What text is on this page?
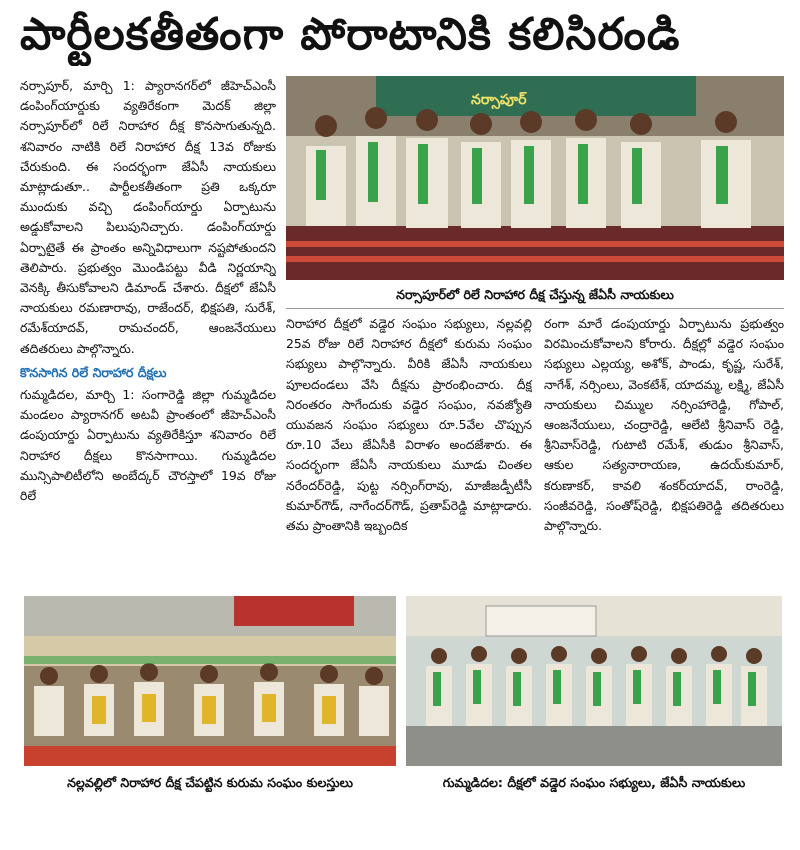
పార్టీలకతీతంగా పోరాటానికి కలిసిరండి

నర్సాపూర్, మార్చి 1: ప్యారానగర్‌లో జీహెచ్‌ఎంసీ డంపింగ్‌యార్డుకు వ్యతిరేకంగా మెదక్ జిల్లా నర్సాపూర్‌లో రిలే నిరాహార దీక్ష కొనసాగుతున్నది. శనివారం నాటికి రిలే నిరాహార దీక్ష 13వ రోజుకు చేరుకుంది. ఈ సందర్భంగా జేఏసీ నాయకులు మాట్లాడుతూ.. పార్టీలకతీతంగా ప్రతి ఒక్కరూ ముందుకు వచ్చి డంపింగ్‌యార్డు ఏర్పాటును అడ్డుకోవాలని పిలుపునిచ్చారు. డంపింగ్‌యార్డు ఏర్పాటైతే ఈ ప్రాంతం అన్నివిధాలుగా నష్టపోతుందని తెలిపారు. ప్రభుత్వం మొండిపట్టు వీడి నిర్ణయాన్ని వెనక్కి తీసుకోవాలని డిమాండ్ చేశారు. దీక్షలో జేఏసీ నాయకులు రమణారావు, రాజేందర్, భిక్షపతి, సురేశ్, రమేశ్‌యాదవ్, రామచందర్, ఆంజనేయులు తదితరులు పాల్గొన్నారు.

కొనసాగిన రిలే నిరాహార దీక్షలు

గుమ్మడిదల, మార్చి 1: సంగారెడ్డి జిల్లా గుమ్మడిదల మండలం ప్యారానగర్ అటవీ ప్రాంతంలో జీహెచ్‌ఎంసీ డంపుయార్డు ఏర్పాటును వ్యతిరేకిస్తూ శనివారం రిలే నిరాహార దీక్షలు కొనసాగాయి. గుమ్మడిదల మున్సిపాలిటీలోని అంబేద్కర్ చౌరస్తాలో 19వ రోజు రిలే

నర్సాపూర్
నర్సాపూర్‌లో రిలే నిరాహార దీక్ష చేస్తున్న జేఏసీ నాయకులు

నిరాహార దీక్షలో వడ్డెర సంఘం సభ్యులు, నల్లవల్లి 25వ రోజు రిలే నిరాహార దీక్షలో కురుమ సంఘం సభ్యులు పాల్గొన్నారు. వీరికి జేఏసీ నాయకులు పూలదండలు వేసి దీక్షను ప్రారంభించారు. దీక్ష నిరంతరం సాగేందుకు వడ్డెర సంఘం, నవజ్యోతి యువజన సంఘం సభ్యులు రూ.5వేల చొప్పున రూ.10 వేలు జేఏసీకి విరాళం అందజేశారు. ఈ సందర్భంగా జేఏసీ నాయకులు మూడు చింతల నరేందర్‌రెడ్డి, పుట్ట నర్సింగ్‌రావు, మాజీజడ్పీటీసీ కుమార్‌గౌడ్, నాగేందర్‌గౌడ్, ప్రతాప్‌రెడ్డి మాట్లాడారు. తమ ప్రాంతానికి ఇబ్బందిక

రంగా మారే డంపుయార్డు ఏర్పాటును ప్రభుత్వం విరమించుకోవాలని కోరారు. దీక్షల్లో వడ్డెర సంఘం సభ్యులు ఎల్లయ్య, అశోక్, పాండు, కృష్ణ, సురేశ్, నాగేశ్, నర్సింలు, వెంకటేశ్, యాదమ్మ, లక్ష్మి, జేఏసీ నాయకులు చిమ్ముల నర్సింహారెడ్డి, గోపాల్, ఆంజనేయులు, చంద్రారెడ్డి, ఆలేటి శ్రీనివాస్ రెడ్డి, శ్రీనివాస్‌రెడ్డి, గుటాటి రమేశ్, తుడుం శ్రీనివాస్, ఆకుల సత్యనారాయణ, ఉదయ్‌కుమార్, కరుణాకర్, కావలి శంకర్‌యాదవ్, రాంరెడ్డి, సంజీవరెడ్డి, సంతోష్‌రెడ్డి, భిక్షపతిరెడ్డి తదితరులు పాల్గొన్నారు.

నల్లవల్లిలో నిరాహార దీక్ష చేపట్టిన కురుమ సంఘం కులస్తులు	గుమ్మడిదల: దీక్షలో వడ్డెర సంఘం సభ్యులు, జేఏసీ నాయకులు
